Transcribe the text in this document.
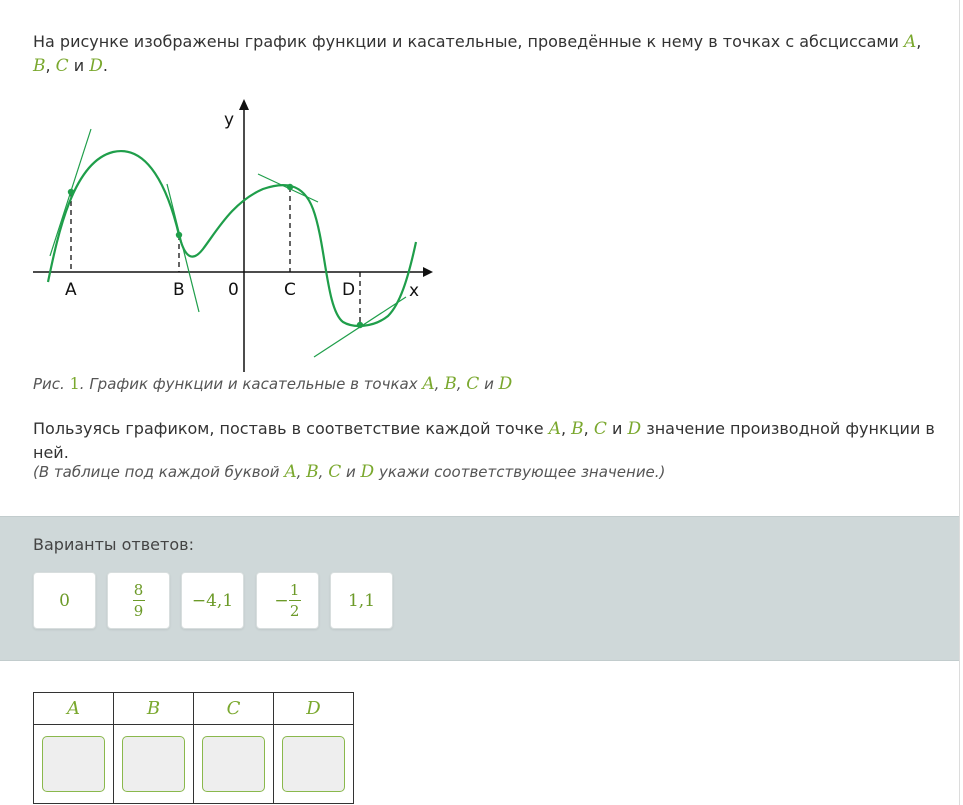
На рисунке изображены график функции и касательные, проведённые к нему в точках с абсциссами A, B, C и D.
y
x
0
A	B	C	D
Рис. 1. График функции и касательные в точках A, B, C и D
Пользуясь графиком, поставь в соответствие каждой точке A, B, C и D значение производной функции в ней.
(В таблице под каждой буквой A, B, C и D укажи соответствующее значение.)
Варианты ответов:
0	$\frac{8}{9}$	$-4,1 - \frac{1}{2}$	1,1
A	B	C	D
